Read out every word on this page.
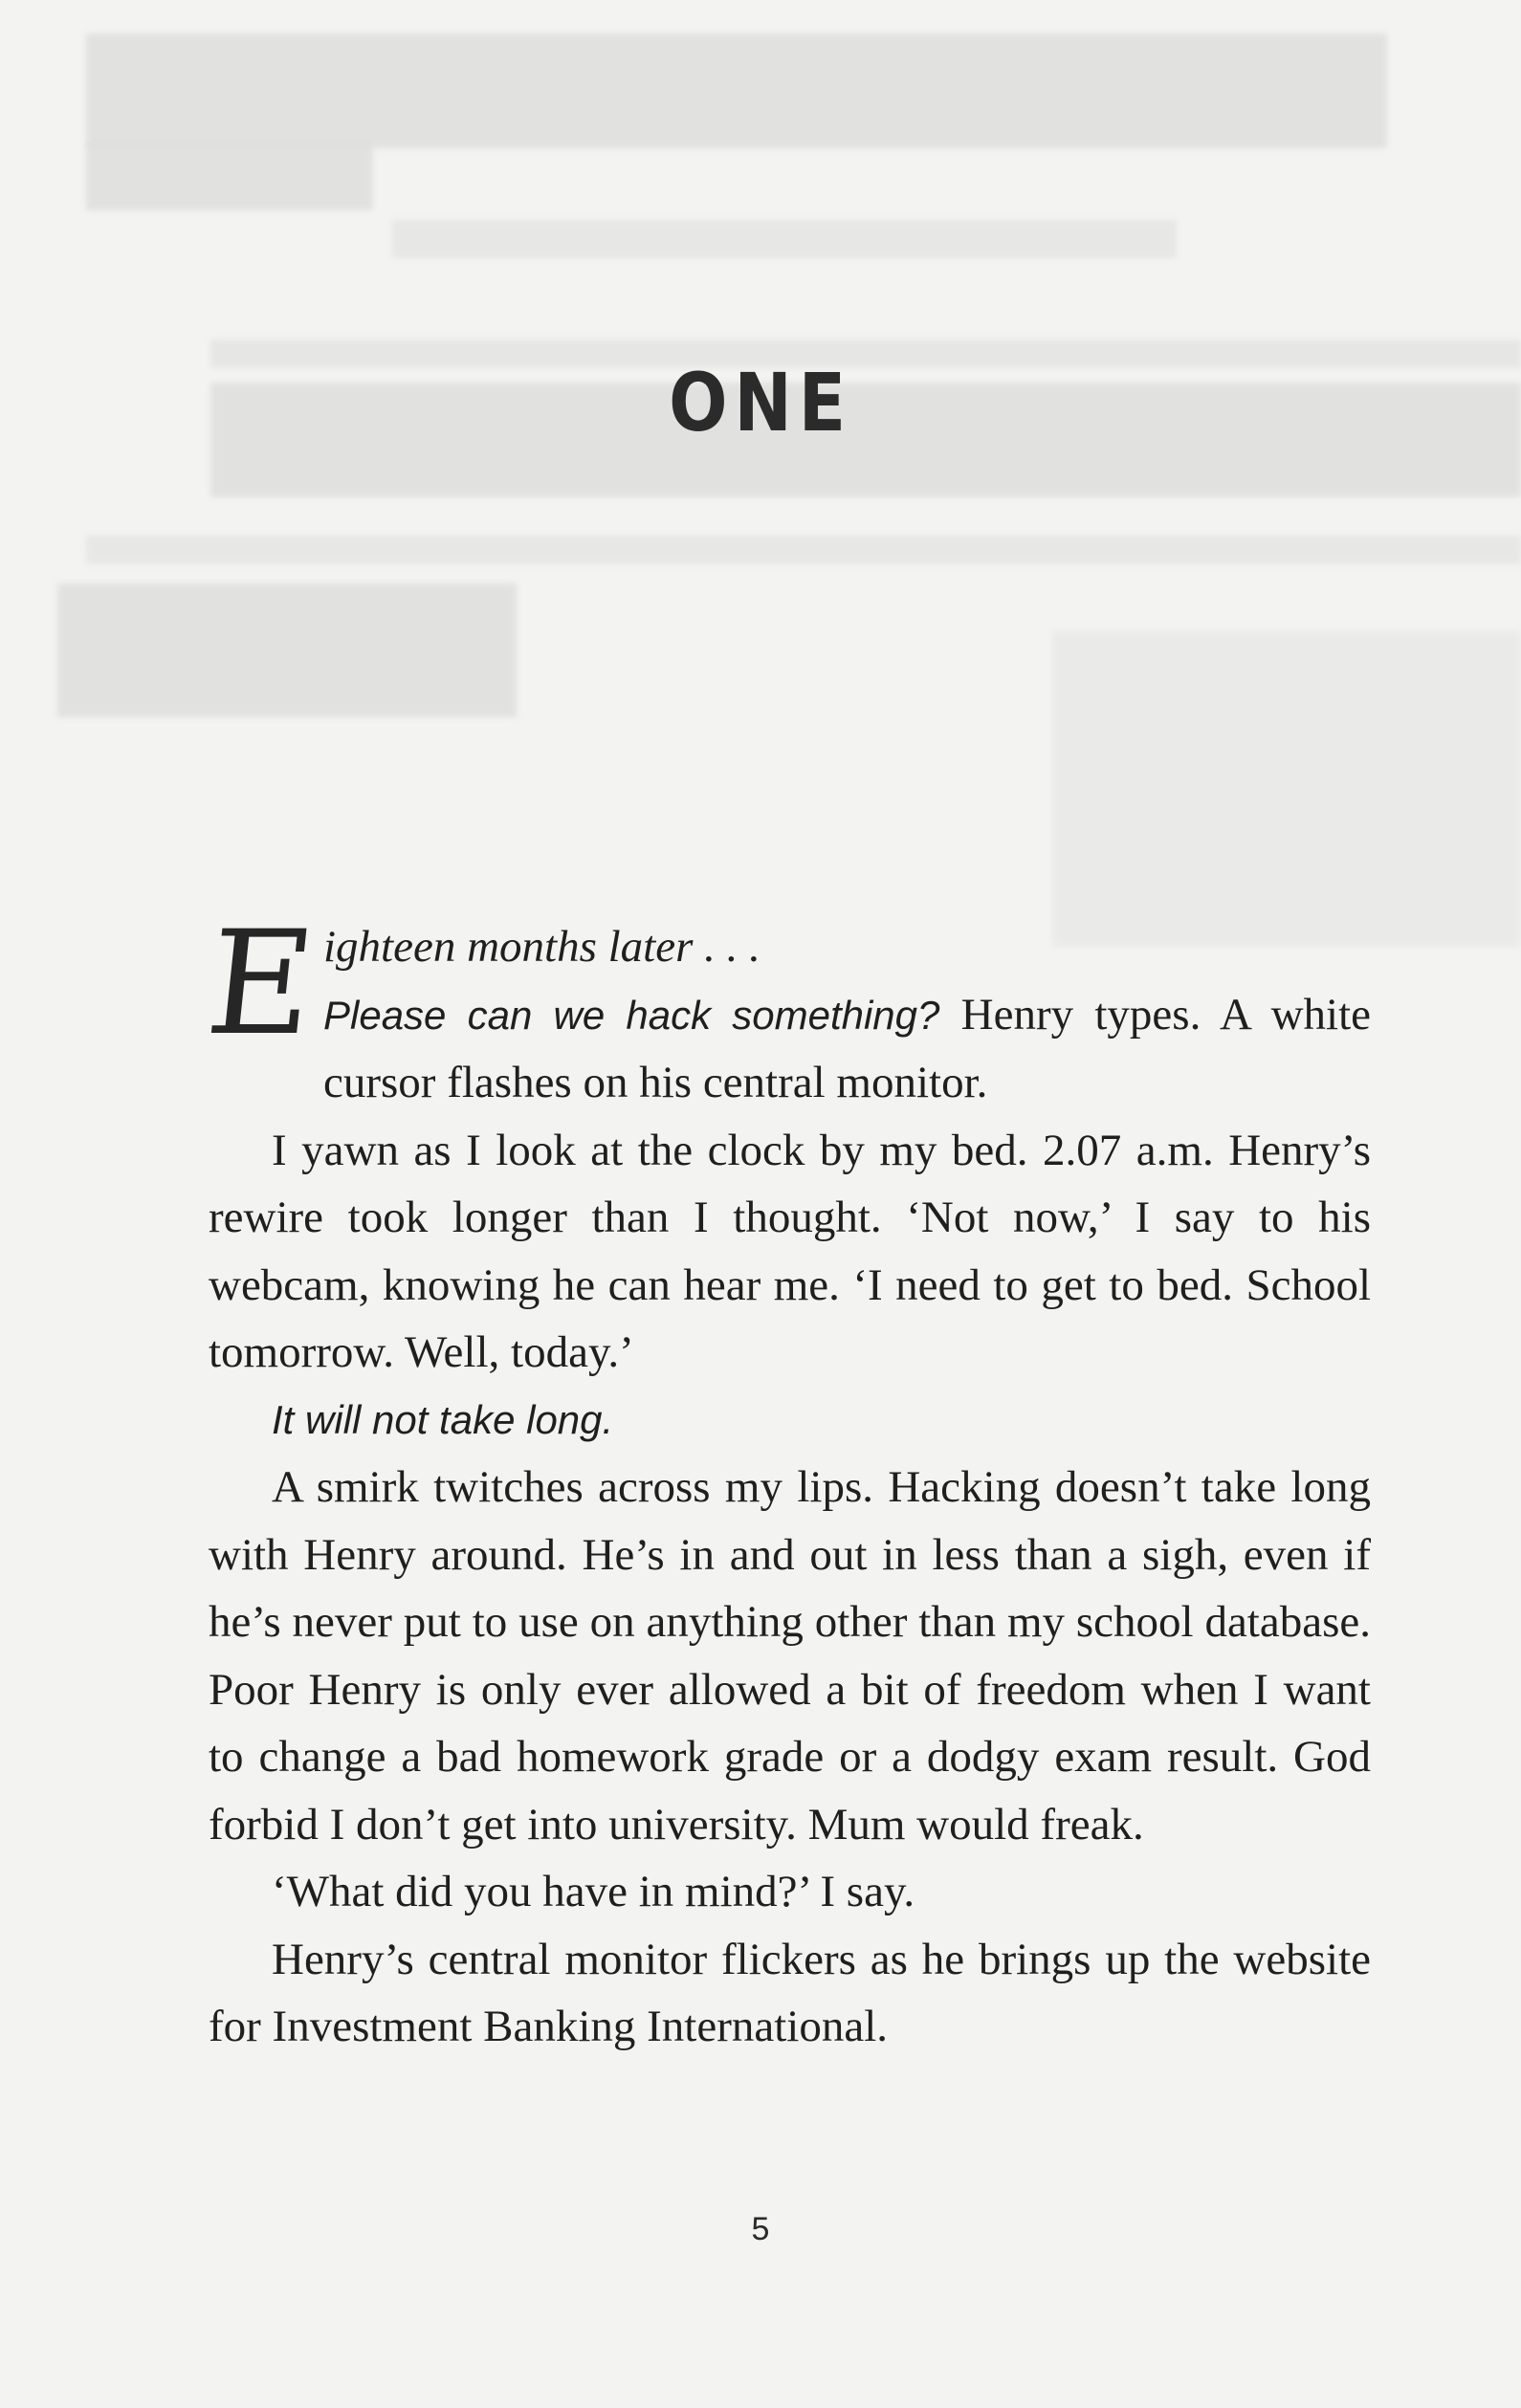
ONE
E ighteen months later . . .
Please can we hack something? Henry types. A white cursor flashes on his central monitor.

I yawn as I look at the clock by my bed. 2.07 a.m. Henry’s rewire took longer than I thought. ‘Not now,’ I say to his webcam, knowing he can hear me. ‘I need to get to bed. School tomorrow. Well, today.’

It will not take long.

A smirk twitches across my lips. Hacking doesn’t take long with Henry around. He’s in and out in less than a sigh, even if he’s never put to use on anything other than my school database. Poor Henry is only ever allowed a bit of freedom when I want to change a bad homework grade or a dodgy exam result. God forbid I don’t get into university. Mum would freak.

‘What did you have in mind?’ I say.

Henry’s central monitor flickers as he brings up the website for Investment Banking International.

5
